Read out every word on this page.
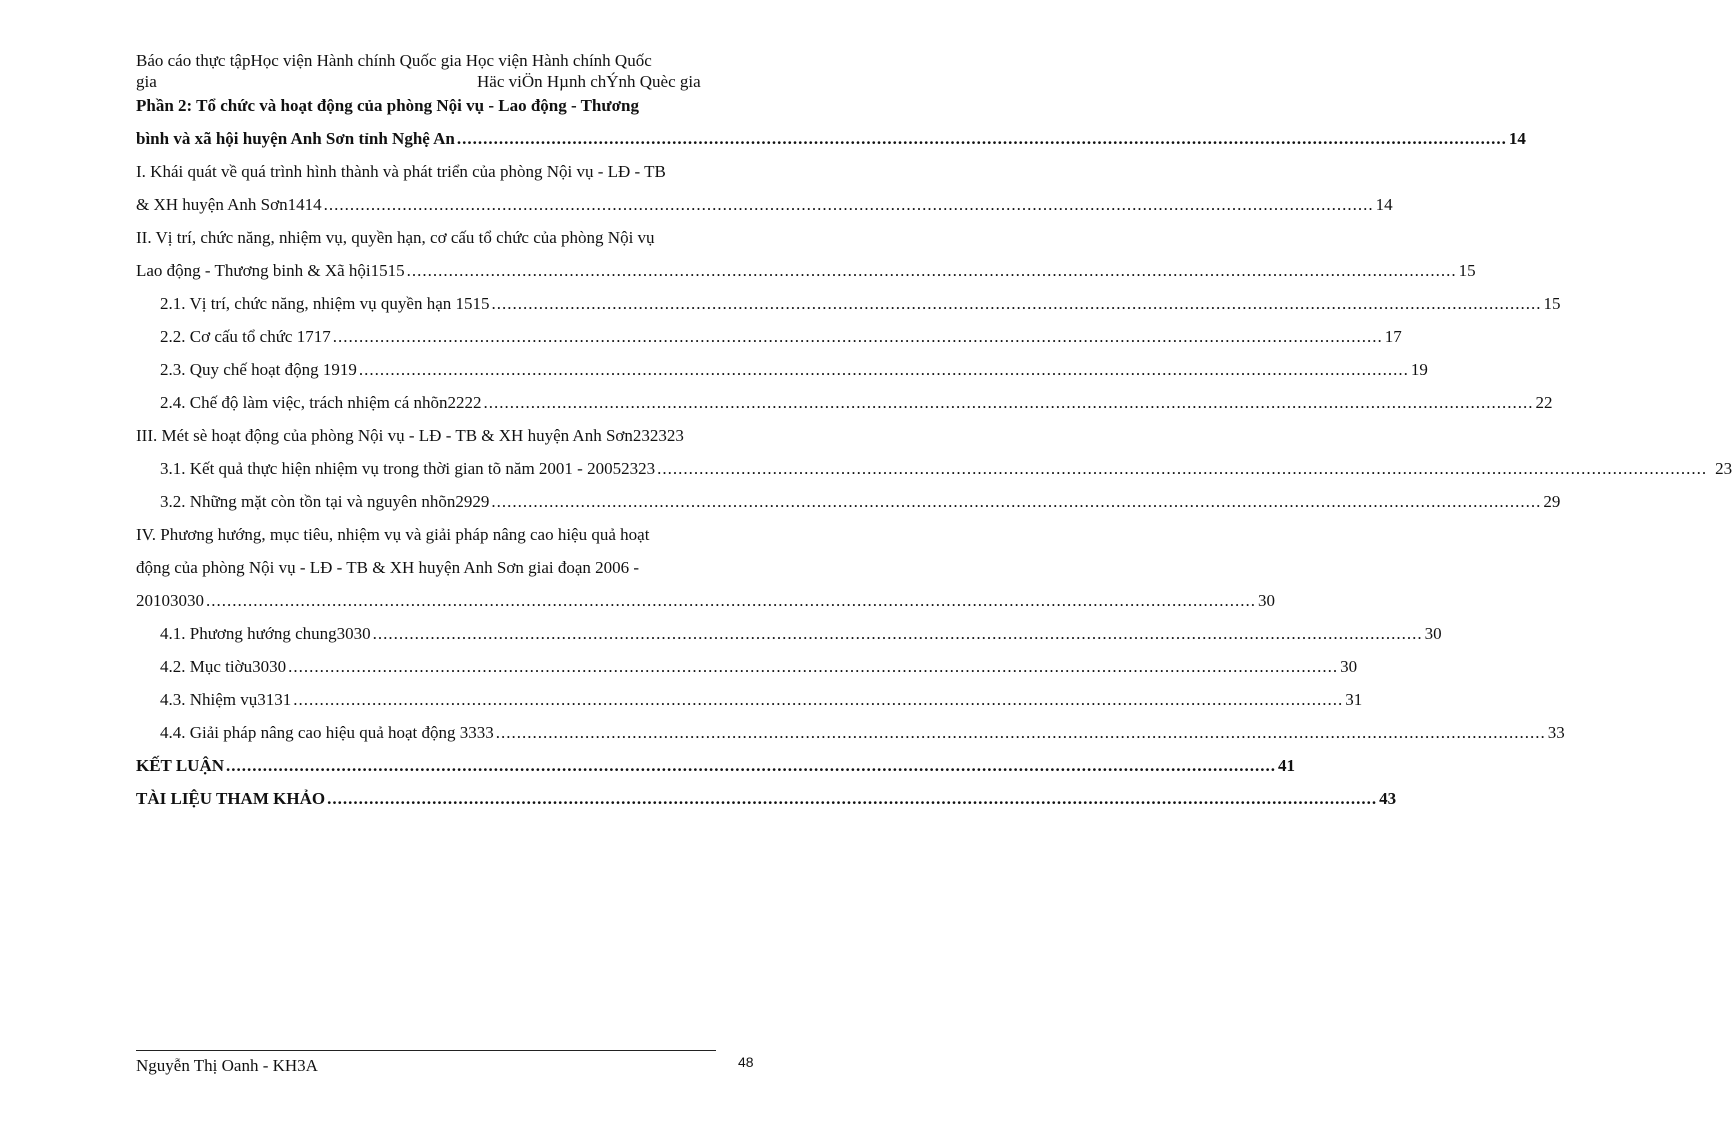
Báo cáo thực tậpHọc viện Hành chính Quốc gia Học viện Hành chính Quốc
gia	Häc viÖn Hµnh chÝnh Quèc gia
Phần 2: Tổ chức và hoạt động của phòng Nội vụ - Lao động - Thương
bình và xã hội huyện Anh Sơn tỉnh Nghệ An ........................................................................................................................................................................................................ 14
I. Khái quát về quá trình hình thành và phát triển của phòng Nội vụ - LĐ - TB
& XH huyện Anh Sơn1414 ........................................................................................................................................................................................................ 14
II. Vị trí, chức năng, nhiệm vụ, quyền hạn, cơ cấu tổ chức của phòng Nội vụ
Lao động - Thương binh & Xã hội1515 ........................................................................................................................................................................................................ 15
2.1. Vị trí, chức năng, nhiệm vụ quyền hạn 1515 ........................................................................................................................................................................................................ 15
2.2. Cơ cấu tổ chức 1717 ........................................................................................................................................................................................................ 17
2.3. Quy chế hoạt động 1919 ........................................................................................................................................................................................................ 19
2.4. Chế độ làm việc, trách nhiệm cá nhõn2222 ........................................................................................................................................................................................................ 22
III. Mét sè hoạt động của phòng Nội vụ - LĐ - TB & XH huyện Anh Sơn232323
3.1. Kết quả thực hiện nhiệm vụ trong thời gian tõ năm 2001 - 20052323 ........................................................................................................................................................................................................ 23
3.2. Những mặt còn tồn tại và nguyên nhõn2929 ........................................................................................................................................................................................................ 29
IV. Phương hướng, mục tiêu, nhiệm vụ và giải pháp nâng cao hiệu quả hoạt
động của phòng Nội vụ - LĐ - TB & XH huyện Anh Sơn giai đoạn 2006 -
20103030 ........................................................................................................................................................................................................ 30
4.1. Phương hướng chung3030 ........................................................................................................................................................................................................ 30
4.2. Mục tiờu3030 ........................................................................................................................................................................................................ 30
4.3. Nhiệm vụ3131 ........................................................................................................................................................................................................ 31
4.4. Giải pháp nâng cao hiệu quả hoạt động 3333 ........................................................................................................................................................................................................ 33
KẾT LUẬN ........................................................................................................................................................................................................ 41
TÀI LIỆU THAM KHẢO ........................................................................................................................................................................................................ 43
Nguyễn Thị Oanh - KH3A	48
